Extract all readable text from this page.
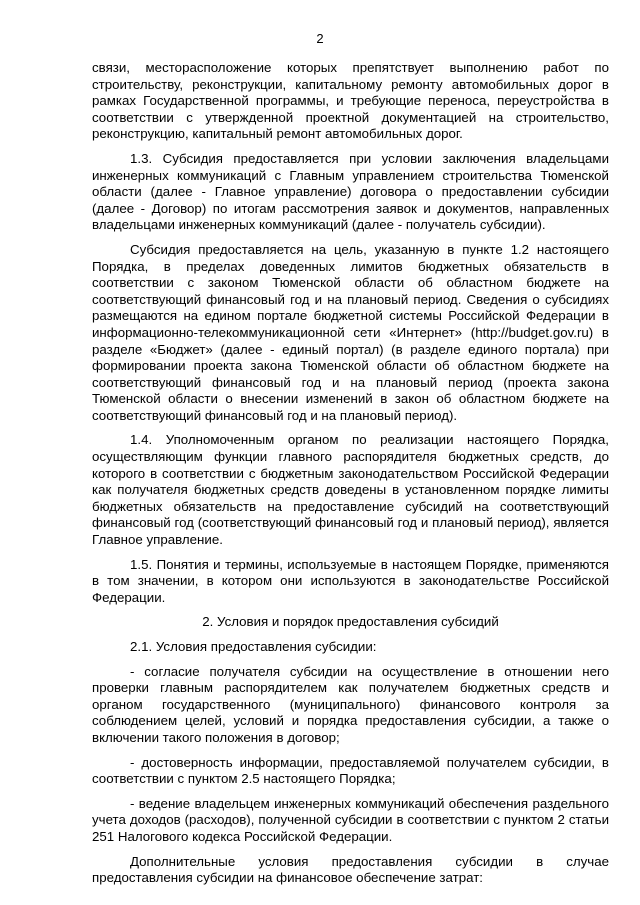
2

связи, месторасположение которых препятствует выполнению работ по строительству, реконструкции, капитальному ремонту автомобильных дорог в рамках Государственной программы, и требующие переноса, переустройства в соответствии с утвержденной проектной документацией на строительство, реконструкцию, капитальный ремонт автомобильных дорог.

1.3. Субсидия предоставляется при условии заключения владельцами инженерных коммуникаций с Главным управлением строительства Тюменской области (далее - Главное управление) договора о предоставлении субсидии (далее - Договор) по итогам рассмотрения заявок и документов, направленных владельцами инженерных коммуникаций (далее - получатель субсидии).

Субсидия предоставляется на цель, указанную в пункте 1.2 настоящего Порядка, в пределах доведенных лимитов бюджетных обязательств в соответствии с законом Тюменской области об областном бюджете на соответствующий финансовый год и на плановый период. Сведения о субсидиях размещаются на едином портале бюджетной системы Российской Федерации в информационно-телекоммуникационной сети «Интернет» (http://budget.gov.ru) в разделе «Бюджет» (далее - единый портал) (в разделе единого портала) при формировании проекта закона Тюменской области об областном бюджете на соответствующий финансовый год и на плановый период (проекта закона Тюменской области о внесении изменений в закон об областном бюджете на соответствующий финансовый год и на плановый период).

1.4. Уполномоченным органом по реализации настоящего Порядка, осуществляющим функции главного распорядителя бюджетных средств, до которого в соответствии с бюджетным законодательством Российской Федерации как получателя бюджетных средств доведены в установленном порядке лимиты бюджетных обязательств на предоставление субсидий на соответствующий финансовый год (соответствующий финансовый год и плановый период), является Главное управление.

1.5. Понятия и термины, используемые в настоящем Порядке, применяются в том значении, в котором они используются в законодательстве Российской Федерации.

2. Условия и порядок предоставления субсидий

2.1. Условия предоставления субсидии:

- согласие получателя субсидии на осуществление в отношении него проверки главным распорядителем как получателем бюджетных средств и органом государственного (муниципального) финансового контроля за соблюдением целей, условий и порядка предоставления субсидии, а также о включении такого положения в договор;

- достоверность информации, предоставляемой получателем субсидии, в соответствии с пунктом 2.5 настоящего Порядка;

- ведение владельцем инженерных коммуникаций обеспечения раздельного учета доходов (расходов), полученной субсидии в соответствии с пунктом 2 статьи 251 Налогового кодекса Российской Федерации.

Дополнительные условия предоставления субсидии в случае предоставления субсидии на финансовое обеспечение затрат:
